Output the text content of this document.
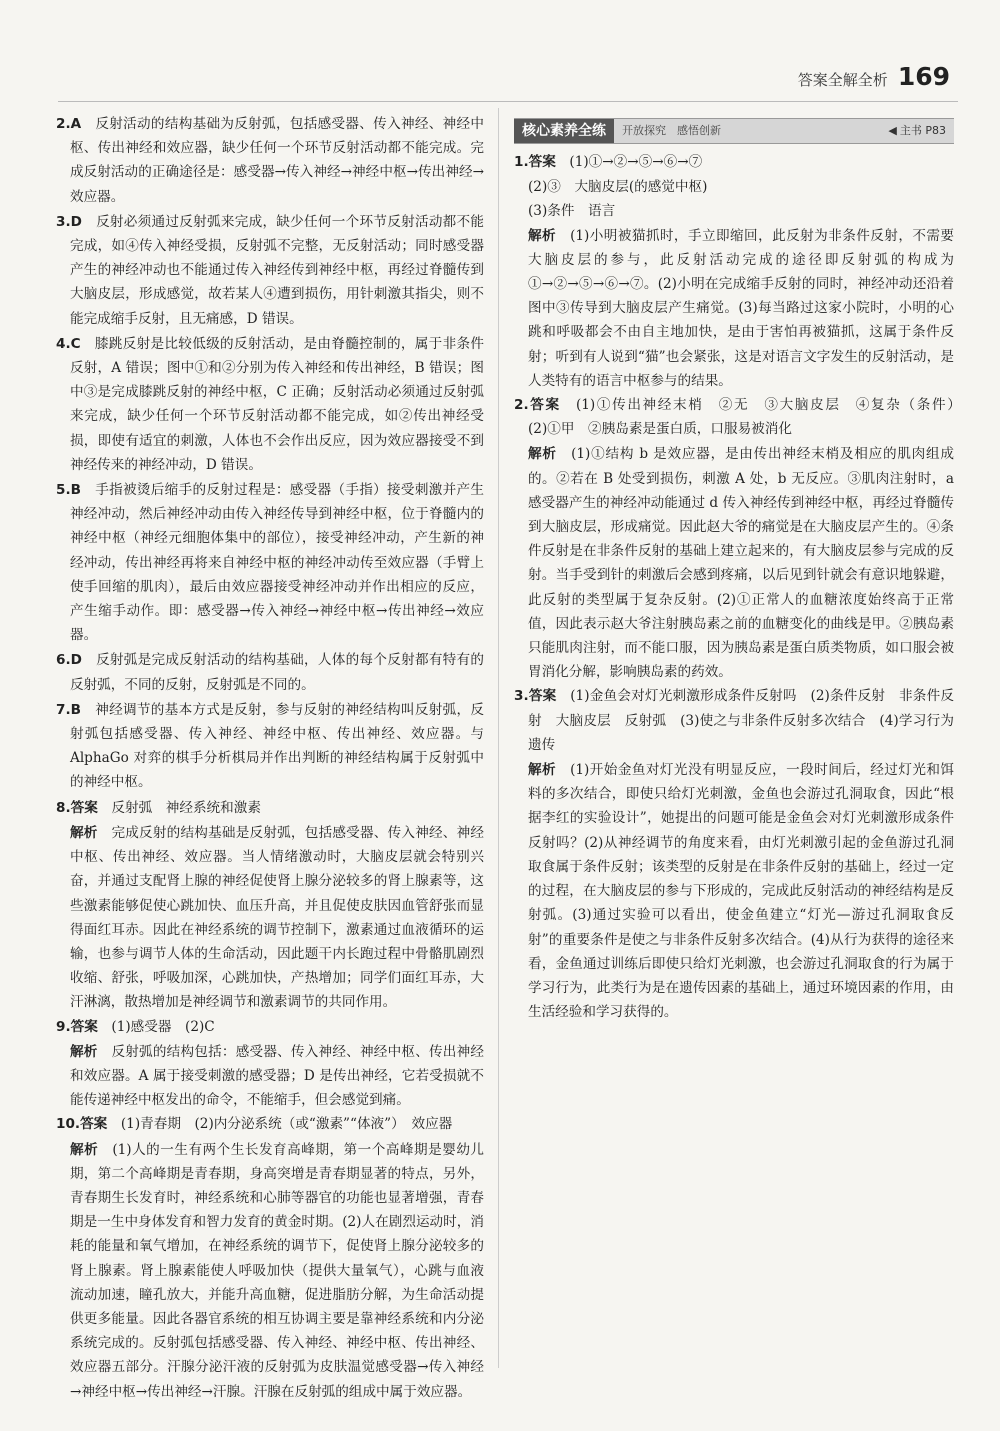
答案全解全析 169

2.A　 反射活动的结构基础为反射弧，包括感受器、传入神经、神经中枢、传出神经和效应器，缺少任何一个环节反射活动都不能完成。完成反射活动的正确途径是：感受器→传入神经→神经中枢→传出神经→效应器。

3.D　 反射必须通过反射弧来完成，缺少任何一个环节反射活动都不能完成，如④传入神经受损，反射弧不完整，无反射活动；同时感受器产生的神经冲动也不能通过传入神经传到神经中枢，再经过脊髓传到大脑皮层，形成感觉，故若某人④遭到损伤，用针刺激其指尖，则不能完成缩手反射，且无痛感，D 错误。

4.C　 膝跳反射是比较低级的反射活动，是由脊髓控制的，属于非条件反射，A 错误；图中①和②分别为传入神经和传出神经，B 错误；图中③是完成膝跳反射的神经中枢，C 正确；反射活动必须通过反射弧来完成，缺少任何一个环节反射活动都不能完成，如②传出神经受损，即使有适宜的刺激，人体也不会作出反应，因为效应器接受不到神经传来的神经冲动，D 错误。

5.B　 手指被烫后缩手的反射过程是：感受器（手指）接受刺激并产生神经冲动，然后神经冲动由传入神经传导到神经中枢，位于脊髓内的神经中枢（神经元细胞体集中的部位），接受神经冲动，产生新的神经冲动，传出神经再将来自神经中枢的神经冲动传至效应器（手臂上使手回缩的肌肉），最后由效应器接受神经冲动并作出相应的反应，产生缩手动作。即：感受器→传入神经→神经中枢→传出神经→效应器。

6.D　 反射弧是完成反射活动的结构基础，人体的每个反射都有特有的反射弧，不同的反射，反射弧是不同的。

7.B　 神经调节的基本方式是反射，参与反射的神经结构叫反射弧，反射弧包括感受器、传入神经、神经中枢、传出神经、效应器。与 AlphaGo 对弈的棋手分析棋局并作出判断的神经结构属于反射弧中的神经中枢。

8.答案　 反射弧　神经系统和激素

解析　 完成反射的结构基础是反射弧，包括感受器、传入神经、神经中枢、传出神经、效应器。当人情绪激动时，大脑皮层就会特别兴奋，并通过支配肾上腺的神经促使肾上腺分泌较多的肾上腺素等，这些激素能够促使心跳加快、血压升高，并且促使皮肤因血管舒张而显得面红耳赤。因此在神经系统的调节控制下，激素通过血液循环的运输，也参与调节人体的生命活动，因此题干内长跑过程中骨骼肌剧烈收缩、舒张，呼吸加深，心跳加快，产热增加；同学们面红耳赤，大汗淋漓，散热增加是神经调节和激素调节的共同作用。

9.答案　 (1)感受器　(2)C

解析　 反射弧的结构包括：感受器、传入神经、神经中枢、传出神经和效应器。A 属于接受刺激的感受器；D 是传出神经，它若受损就不能传递神经中枢发出的命令，不能缩手，但会感觉到痛。

10.答案　 (1)青春期　(2)内分泌系统（或“激素”“体液”）　效应器

解析　 (1)人的一生有两个生长发育高峰期，第一个高峰期是婴幼儿期，第二个高峰期是青春期，身高突增是青春期显著的特点，另外，青春期生长发育时，神经系统和心肺等器官的功能也显著增强，青春期是一生中身体发育和智力发育的黄金时期。(2)人在剧烈运动时，消耗的能量和氧气增加，在神经系统的调节下，促使肾上腺分泌较多的肾上腺素。肾上腺素能使人呼吸加快（提供大量氧气），心跳与血液流动加速，瞳孔放大，并能升高血糖，促进脂肪分解，为生命活动提供更多能量。因此各器官系统的相互协调主要是靠神经系统和内分泌系统完成的。反射弧包括感受器、传入神经、神经中枢、传出神经、效应器五部分。汗腺分泌汗液的反射弧为皮肤温觉感受器→传入神经→神经中枢→传出神经→汗腺。汗腺在反射弧的组成中属于效应器。

核心素养全练	开放探究　感悟创新	◀ 主书 P83

1.答案　 (1)①→②→⑤→⑥→⑦

(2)③　大脑皮层(的感觉中枢)

(3)条件　语言

解析　 (1)小明被猫抓时，手立即缩回，此反射为非条件反射，不需要大脑皮层的参与，此反射活动完成的途径即反射弧的构成为①→②→⑤→⑥→⑦。(2)小明在完成缩手反射的同时，神经冲动还沿着图中③传导到大脑皮层产生痛觉。(3)每当路过这家小院时，小明的心跳和呼吸都会不由自主地加快，是由于害怕再被猫抓，这属于条件反射；听到有人说到“猫”也会紧张，这是对语言文字发生的反射活动，是人类特有的语言中枢参与的结果。

2.答案　 (1)①传出神经末梢　②无　③大脑皮层　④复杂（条件）　(2)①甲　②胰岛素是蛋白质，口服易被消化

解析　 (1)①结构 b 是效应器，是由传出神经末梢及相应的肌肉组成的。②若在 B 处受到损伤，刺激 A 处，b 无反应。③肌肉注射时，a 感受器产生的神经冲动能通过 d 传入神经传到神经中枢，再经过脊髓传到大脑皮层，形成痛觉。因此赵大爷的痛觉是在大脑皮层产生的。④条件反射是在非条件反射的基础上建立起来的，有大脑皮层参与完成的反射。当手受到针的刺激后会感到疼痛，以后见到针就会有意识地躲避，此反射的类型属于复杂反射。(2)①正常人的血糖浓度始终高于正常值，因此表示赵大爷注射胰岛素之前的血糖变化的曲线是甲。②胰岛素只能肌肉注射，而不能口服，因为胰岛素是蛋白质类物质，如口服会被胃消化分解，影响胰岛素的药效。

3.答案　 (1)金鱼会对灯光刺激形成条件反射吗　(2)条件反射　非条件反射　大脑皮层　反射弧　(3)使之与非条件反射多次结合　(4)学习行为　遗传

解析　 (1)开始金鱼对灯光没有明显反应，一段时间后，经过灯光和饵料的多次结合，即使只给灯光刺激，金鱼也会游过孔洞取食，因此“根据李红的实验设计”，她提出的问题可能是金鱼会对灯光刺激形成条件反射吗？(2)从神经调节的角度来看，由灯光刺激引起的金鱼游过孔洞取食属于条件反射；该类型的反射是在非条件反射的基础上，经过一定的过程，在大脑皮层的参与下形成的，完成此反射活动的神经结构是反射弧。(3)通过实验可以看出，使金鱼建立“灯光—游过孔洞取食反射”的重要条件是使之与非条件反射多次结合。(4)从行为获得的途径来看，金鱼通过训练后即使只给灯光刺激，也会游过孔洞取食的行为属于学习行为，此类行为是在遗传因素的基础上，通过环境因素的作用，由生活经验和学习获得的。
